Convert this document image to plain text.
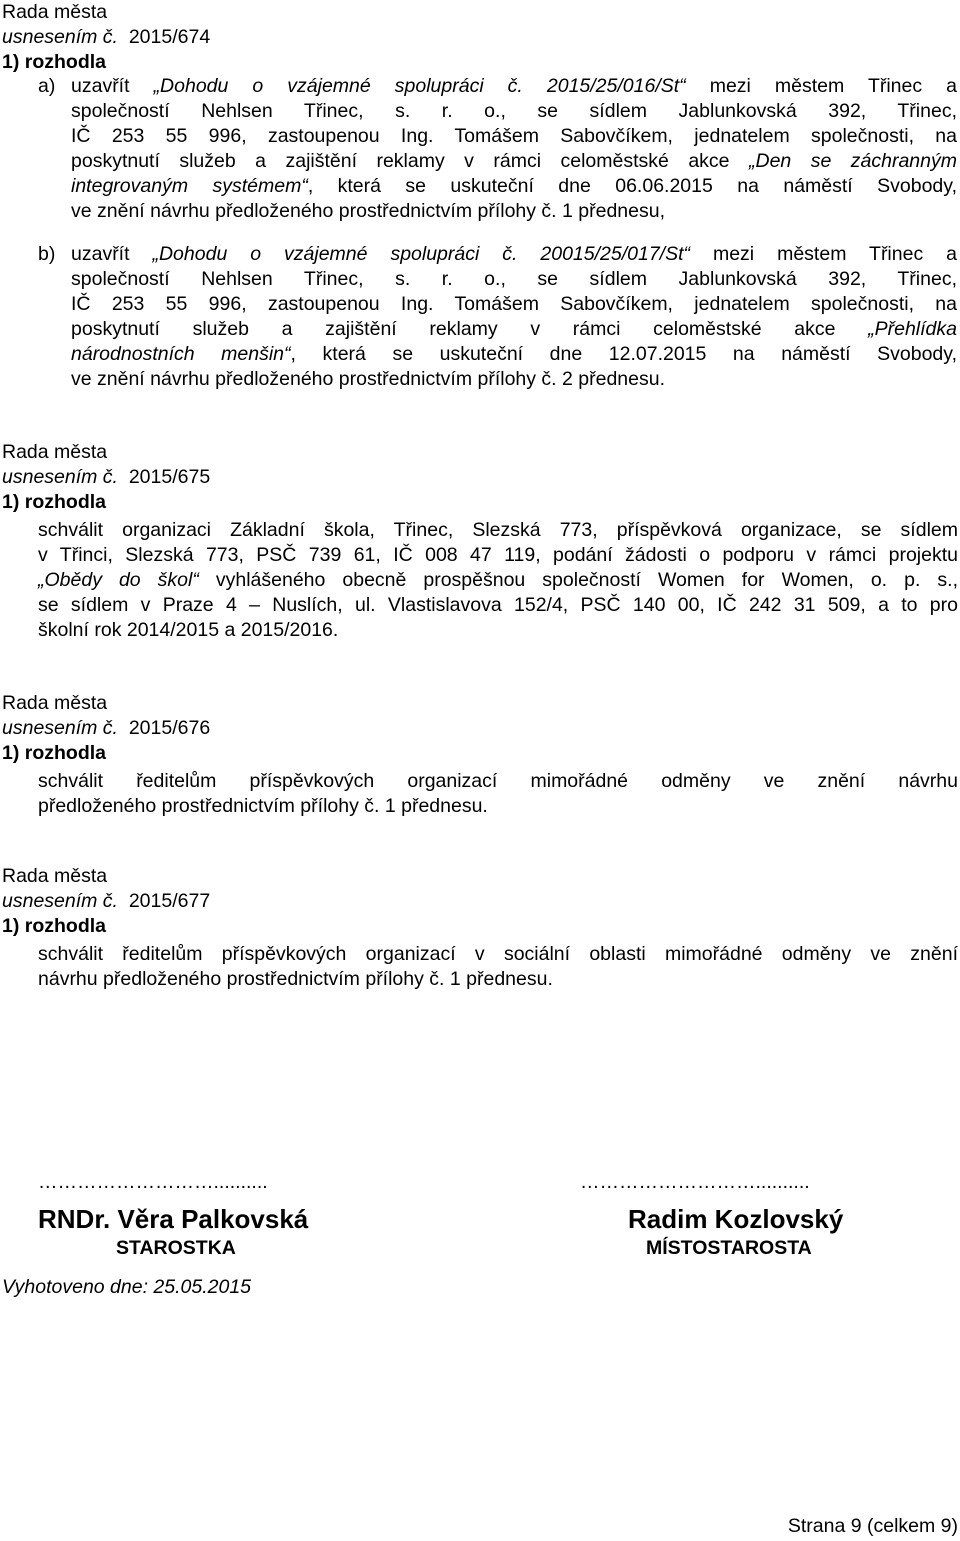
Rada města
usnesením č. 2015/674
1) rozhodla
a) uzavřít „Dohodu o vzájemné spolupráci č. 2015/25/016/St“ mezi městem Třinec a
společností Nehlsen Třinec, s. r. o., se sídlem Jablunkovská 392, Třinec,
IČ 253 55 996, zastoupenou Ing. Tomášem Sabovčíkem, jednatelem společnosti, na
poskytnutí služeb a zajištění reklamy v rámci celoměstské akce „Den se záchranným
integrovaným systémem“, která se uskuteční dne 06.06.2015 na náměstí Svobody,
ve znění návrhu předloženého prostřednictvím přílohy č. 1 přednesu,
b) uzavřít „Dohodu o vzájemné spolupráci č. 20015/25/017/St“ mezi městem Třinec a
společností Nehlsen Třinec, s. r. o., se sídlem Jablunkovská 392, Třinec,
IČ 253 55 996, zastoupenou Ing. Tomášem Sabovčíkem, jednatelem společnosti, na
poskytnutí služeb a zajištění reklamy v rámci celoměstské akce „Přehlídka
národnostních menšin“, která se uskuteční dne 12.07.2015 na náměstí Svobody,
ve znění návrhu předloženého prostřednictvím přílohy č. 2 přednesu.
Rada města
usnesením č. 2015/675
1) rozhodla
schválit organizaci Základní škola, Třinec, Slezská 773, příspěvková organizace, se sídlem
v Třinci, Slezská 773, PSČ 739 61, IČ 008 47 119, podání žádosti o podporu v rámci projektu
„Obědy do škol“ vyhlášeného obecně prospěšnou společností Women for Women, o. p. s.,
se sídlem v Praze 4 – Nuslích, ul. Vlastislavova 152/4, PSČ 140 00, IČ 242 31 509, a to pro
školní rok 2014/2015 a 2015/2016.
Rada města
usnesením č. 2015/676
1) rozhodla
schválit ředitelům příspěvkových organizací mimořádné odměny ve znění návrhu
předloženého prostřednictvím přílohy č. 1 přednesu.
Rada města
usnesením č. 2015/677
1) rozhodla
schválit ředitelům příspěvkových organizací v sociální oblasti mimořádné odměny ve znění
návrhu předloženého prostřednictvím přílohy č. 1 přednesu.
………………………..........
RNDr. Věra Palkovská
STAROSTKA
………………………..........
Radim Kozlovský
MÍSTOSTAROSTA
Vyhotoveno dne: 25.05.2015
Strana 9 (celkem 9)
